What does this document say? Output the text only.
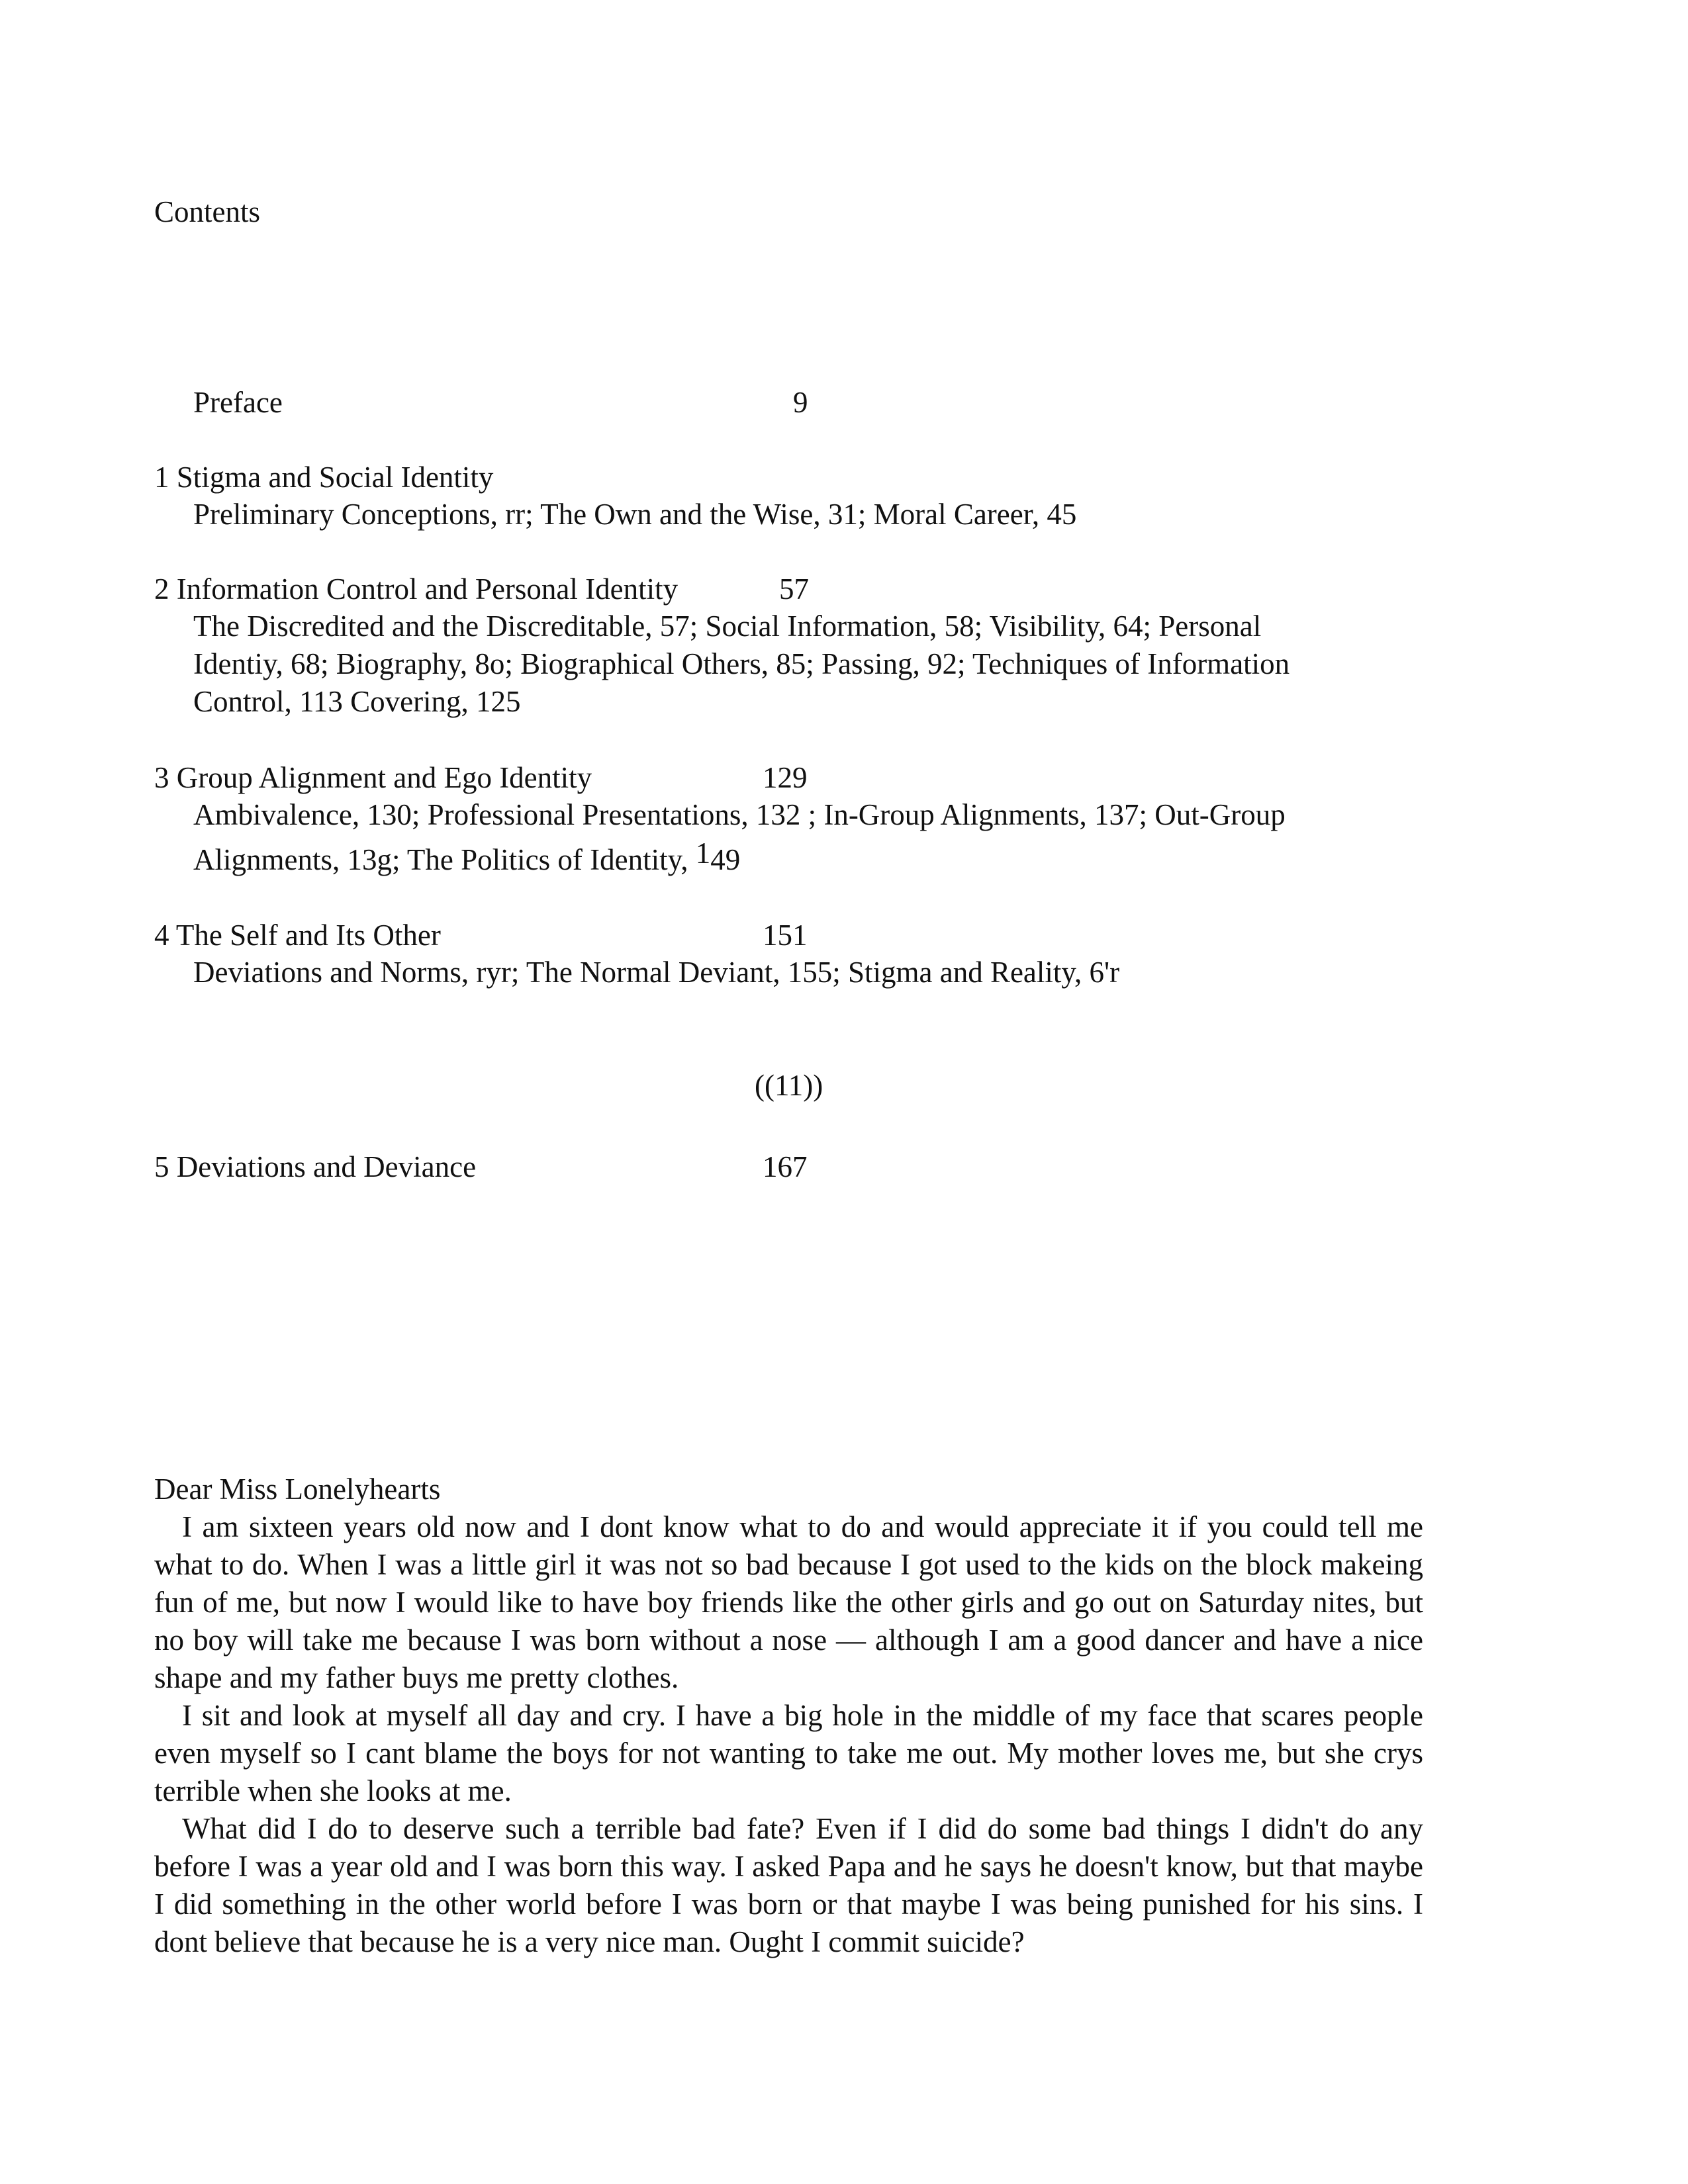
Contents
Preface	9
1 Stigma and Social Identity
Preliminary Conceptions, rr; The Own and the Wise, 31; Moral Career, 45
2 Information Control and Personal Identity	57
The Discredited and the Discreditable, 57; Social Information, 58; Visibility, 64; Personal
Identiy, 68; Biography, 8o; Biographical Others, 85; Passing, 92; Techniques of Information
Control, 113 Covering, 125
3 Group Alignment and Ego Identity	129
Ambivalence, 130; Professional Presentations, 132 ; In-Group Alignments, 137; Out-Group
Alignments, 13g; The Politics of Identity, 149
4 The Self and Its Other	151
Deviations and Norms, ryr; The Normal Deviant, 155; Stigma and Reality, 6'r
((11))
5 Deviations and Deviance	167
Dear Miss Lonelyhearts

I am sixteen years old now and I dont know what to do and would appreciate it if you could tell me what to do. When I was a little girl it was not so bad because I got used to the kids on the block makeing fun of me, but now I would like to have boy friends like the other girls and go out on Saturday nites, but no boy will take me because I was born without a nose — although I am a good dancer and have a nice shape and my father buys me pretty clothes.

I sit and look at myself all day and cry. I have a big hole in the middle of my face that scares people even myself so I cant blame the boys for not wanting to take me out. My mother loves me, but she crys terrible when she looks at me.

What did I do to deserve such a terrible bad fate? Even if I did do some bad things I didn't do any before I was a year old and I was born this way. I asked Papa and he says he doesn't know, but that maybe I did something in the other world before I was born or that maybe I was being punished for his sins. I dont believe that because he is a very nice man. Ought I commit suicide?
